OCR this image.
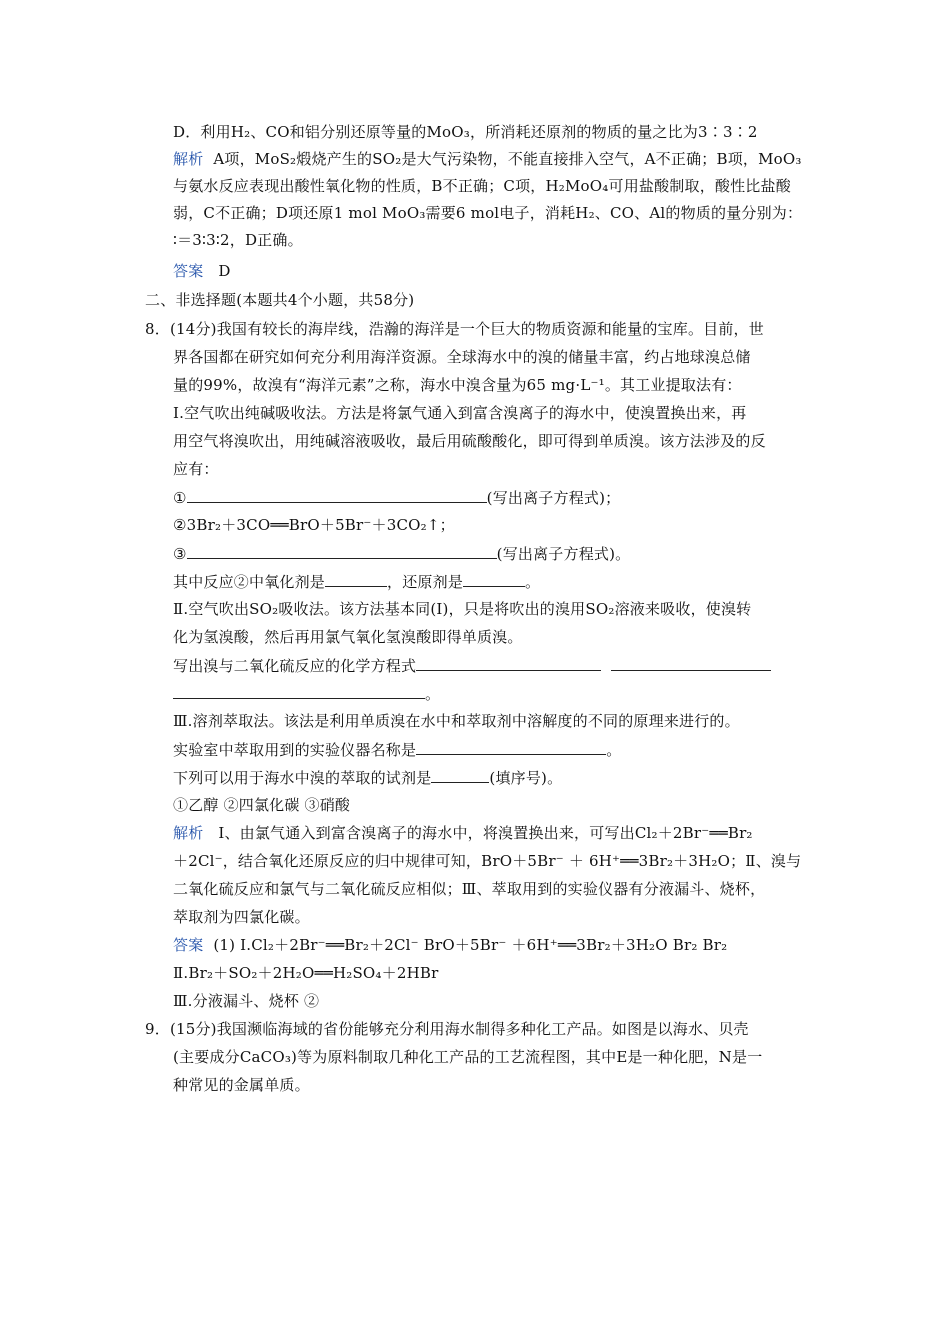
D．利用H₂、CO和铝分别还原等量的MoO₃，所消耗还原剂的物质的量之比为3∶3∶2
解析 A项，MoS₂煅烧产生的SO₂是大气污染物，不能直接排入空气，A不正确；B项，MoO₃
与氨水反应表现出酸性氧化物的性质，B不正确；C项，H₂MoO₄可用盐酸制取，酸性比盐酸
弱，C不正确；D项还原1 mol MoO₃需要6 mol电子，消耗H₂、CO、Al的物质的量分别为：
∶＝3∶3∶2，D正确。
答案 D
二、非选择题(本题共4个小题，共58分)
8．(14分)我国有较长的海岸线，浩瀚的海洋是一个巨大的物质资源和能量的宝库。目前，世
界各国都在研究如何充分利用海洋资源。全球海水中的溴的储量丰富，约占地球溴总储
量的99%，故溴有“海洋元素”之称，海水中溴含量为65 mg·L⁻¹。其工业提取法有：
Ⅰ.空气吹出纯碱吸收法。方法是将氯气通入到富含溴离子的海水中，使溴置换出来，再
用空气将溴吹出，用纯碱溶液吸收，最后用硫酸酸化，即可得到单质溴。该方法涉及的反
应有：
①	(写出离子方程式)；
②3Br₂＋3CO══BrO＋5Br⁻＋3CO₂↑；
③	(写出离子方程式)。
其中反应②中氧化剂是	，还原剂是	。
Ⅱ.空气吹出SO₂吸收法。该方法基本同(Ⅰ)，只是将吹出的溴用SO₂溶液来吸收，使溴转
化为氢溴酸，然后再用氯气氧化氢溴酸即得单质溴。
写出溴与二氧化硫反应的化学方程式
。
Ⅲ.溶剂萃取法。该法是利用单质溴在水中和萃取剂中溶解度的不同的原理来进行的。
实验室中萃取用到的实验仪器名称是	。
下列可以用于海水中溴的萃取的试剂是	(填序号)。
①乙醇 ②四氯化碳 ③硝酸
解析 Ⅰ、由氯气通入到富含溴离子的海水中，将溴置换出来，可写出Cl₂＋2Br⁻══Br₂
＋2Cl⁻，结合氧化还原反应的归中规律可知，BrO＋5Br⁻ ＋ 6H⁺══3Br₂＋3H₂O；Ⅱ、溴与
二氧化硫反应和氯气与二氧化硫反应相似；Ⅲ、萃取用到的实验仪器有分液漏斗、烧杯，
萃取剂为四氯化碳。
答案 (1) Ⅰ.Cl₂＋2Br⁻══Br₂＋2Cl⁻ BrO＋5Br⁻ ＋6H⁺══3Br₂＋3H₂O Br₂ Br₂
Ⅱ.Br₂＋SO₂＋2H₂O══H₂SO₄＋2HBr
Ⅲ.分液漏斗、烧杯 ②
9．(15分)我国濒临海域的省份能够充分利用海水制得多种化工产品。如图是以海水、贝壳
(主要成分CaCO₃)等为原料制取几种化工产品的工艺流程图，其中E是一种化肥，N是一
种常见的金属单质。
